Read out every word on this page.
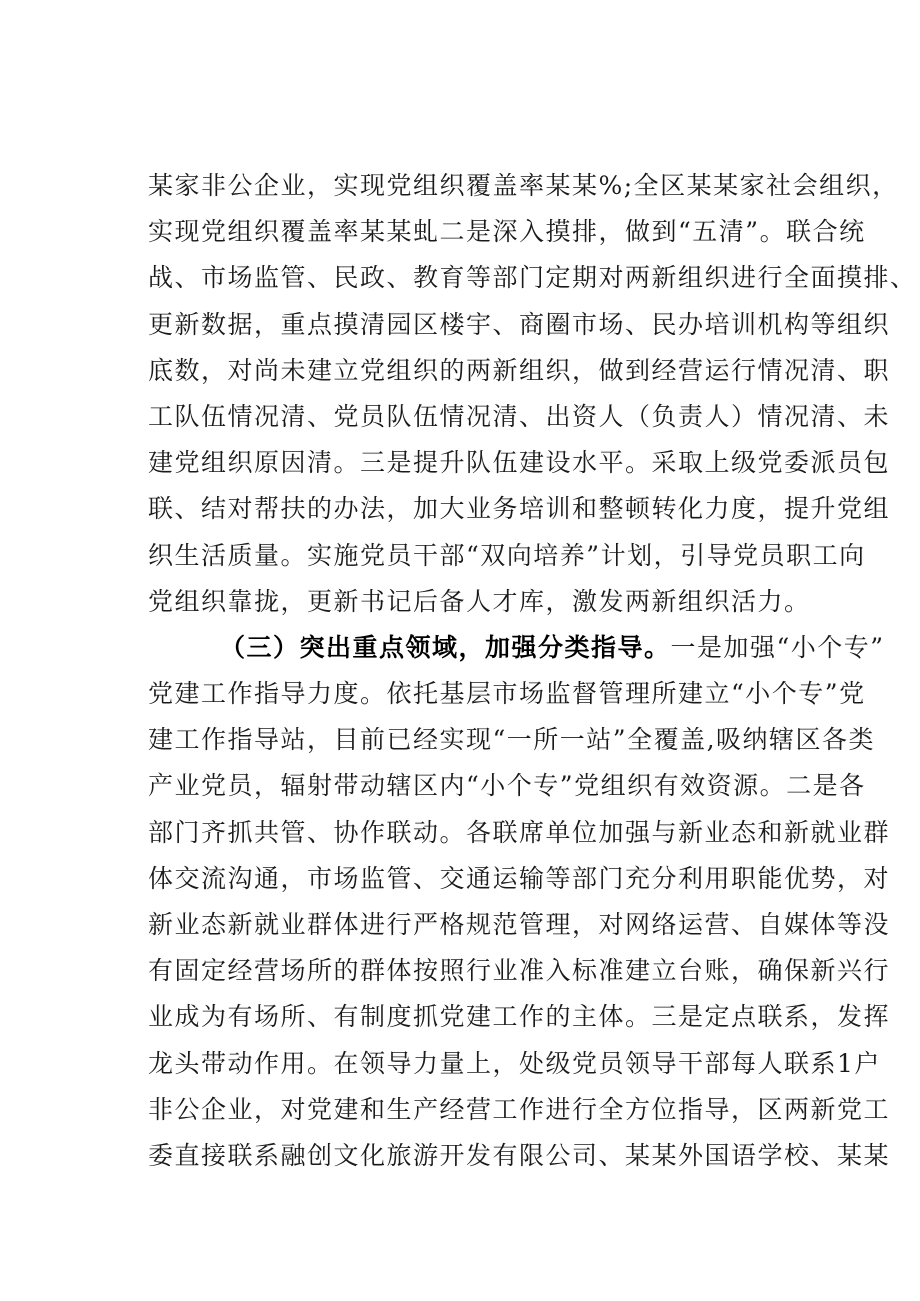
某家非公企业，实现党组织覆盖率某某%;全区某某家社会组织，
实现党组织覆盖率某某虬二是深入摸排，做到“五清”。联合统
战、市场监管、民政、教育等部门定期对两新组织进行全面摸排、
更新数据，重点摸清园区楼宇、商圈市场、民办培训机构等组织
底数，对尚未建立党组织的两新组织，做到经营运行情况清、职
工队伍情况清、党员队伍情况清、出资人（负责人）情况清、未
建党组织原因清。三是提升队伍建设水平。采取上级党委派员包
联、结对帮扶的办法，加大业务培训和整顿转化力度，提升党组
织生活质量。实施党员干部“双向培养”计划，引导党员职工向
党组织靠拢，更新书记后备人才库，激发两新组织活力。
（三）突出重点领域，加强分类指导。一是加强“小个专”
党建工作指导力度。依托基层市场监督管理所建立“小个专”党
建工作指导站，目前已经实现“一所一站”全覆盖,吸纳辖区各类
产业党员，辐射带动辖区内“小个专”党组织有效资源。二是各
部门齐抓共管、协作联动。各联席单位加强与新业态和新就业群
体交流沟通，市场监管、交通运输等部门充分利用职能优势，对
新业态新就业群体进行严格规范管理，对网络运营、自媒体等没
有固定经营场所的群体按照行业准入标准建立台账，确保新兴行
业成为有场所、有制度抓党建工作的主体。三是定点联系，发挥
龙头带动作用。在领导力量上，处级党员领导干部每人联系1户
非公企业，对党建和生产经营工作进行全方位指导，区两新党工
委直接联系融创文化旅游开发有限公司、某某外国语学校、某某
